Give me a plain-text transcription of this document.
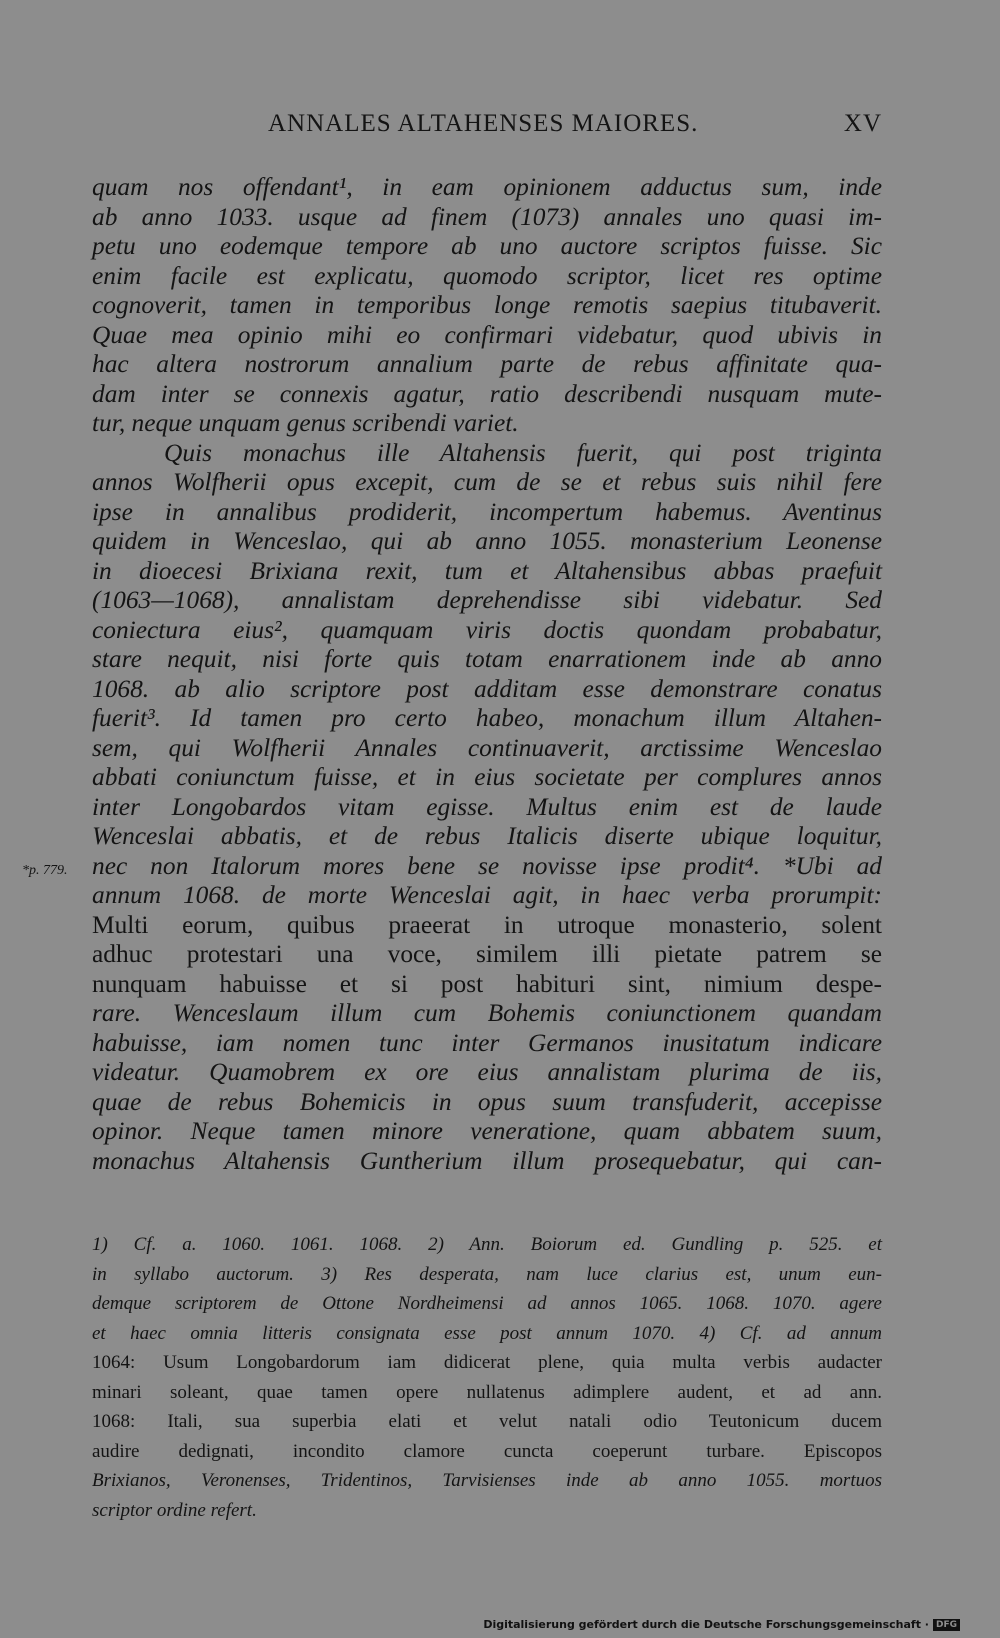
ANNALES ALTAHENSES MAIORES.	XV
*p. 779.
quam nos offendant¹, in eam opinionem adductus sum, inde
ab anno 1033. usque ad finem (1073) annales uno quasi im-
petu uno eodemque tempore ab uno auctore scriptos fuisse. Sic
enim facile est explicatu, quomodo scriptor, licet res optime
cognoverit, tamen in temporibus longe remotis saepius titubaverit.
Quae mea opinio mihi eo confirmari videbatur, quod ubivis in
hac altera nostrorum annalium parte de rebus affinitate qua-
dam inter se connexis agatur, ratio describendi nusquam mute-
tur, neque unquam genus scribendi variet.
Quis monachus ille Altahensis fuerit, qui post triginta
annos Wolfherii opus excepit, cum de se et rebus suis nihil fere
ipse in annalibus prodiderit, incompertum habemus. Aventinus
quidem in Wenceslao, qui ab anno 1055. monasterium Leonense
in dioecesi Brixiana rexit, tum et Altahensibus abbas praefuit
(1063—1068), annalistam deprehendisse sibi videbatur. Sed
coniectura eius², quamquam viris doctis quondam probabatur,
stare nequit, nisi forte quis totam enarrationem inde ab anno
1068. ab alio scriptore post additam esse demonstrare conatus
fuerit³. Id tamen pro certo habeo, monachum illum Altahen-
sem, qui Wolfherii Annales continuaverit, arctissime Wenceslao
abbati coniunctum fuisse, et in eius societate per complures annos
inter Longobardos vitam egisse. Multus enim est de laude
Wenceslai abbatis, et de rebus Italicis diserte ubique loquitur,
nec non Italorum mores bene se novisse ipse prodit⁴. *Ubi ad
annum 1068. de morte Wenceslai agit, in haec verba prorumpit:
Multi eorum, quibus praeerat in utroque monasterio, solent
adhuc protestari una voce, similem illi pietate patrem se
nunquam habuisse et si post habituri sint, nimium despe-
rare. Wenceslaum illum cum Bohemis coniunctionem quandam
habuisse, iam nomen tunc inter Germanos inusitatum indicare
videatur. Quamobrem ex ore eius annalistam plurima de iis,
quae de rebus Bohemicis in opus suum transfuderit, accepisse
opinor. Neque tamen minore veneratione, quam abbatem suum,
monachus Altahensis Guntherium illum prosequebatur, qui can-
1) Cf. a. 1060. 1061. 1068. 2) Ann. Boiorum ed. Gundling p. 525. et
in syllabo auctorum. 3) Res desperata, nam luce clarius est, unum eun-
demque scriptorem de Ottone Nordheimensi ad annos 1065. 1068. 1070. agere
et haec omnia litteris consignata esse post annum 1070. 4) Cf. ad annum
1064: Usum Longobardorum iam didicerat plene, quia multa verbis audacter
minari soleant, quae tamen opere nullatenus adimplere audent, et ad ann.
1068: Itali, sua superbia elati et velut natali odio Teutonicum ducem
audire dedignati, incondito clamore cuncta coeperunt turbare. Episcopos
Brixianos, Veronenses, Tridentinos, Tarvisienses inde ab anno 1055. mortuos
scriptor ordine refert.
Digitalisierung gefördert durch die Deutsche Forschungsgemeinschaft · DFG
